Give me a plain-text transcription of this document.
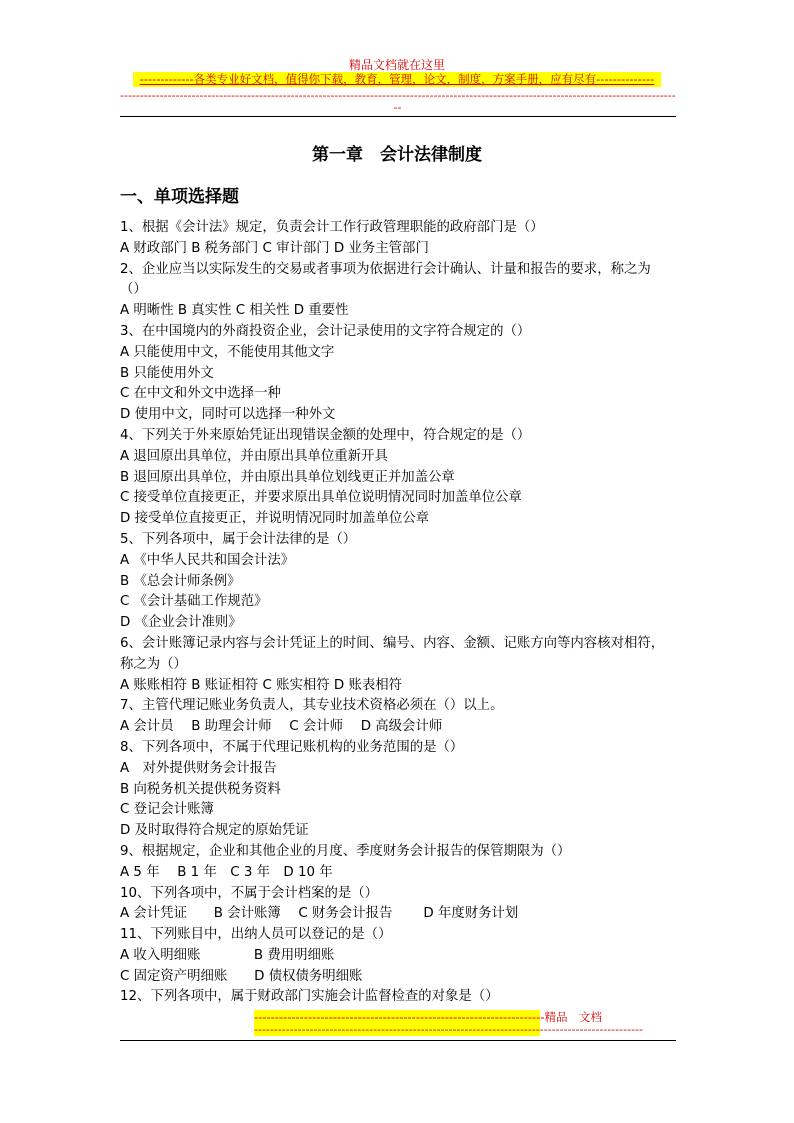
精品文档就在这里
-------------各类专业好文档，值得你下载，教育，管理，论文，制度，方案手册，应有尽有--------------
--------------------------------------------------------------------------------------------------------------------------------------------
--
第一章　会计法律制度
一、单项选择题
1、根据《会计法》规定，负责会计工作行政管理职能的政府部门是（）
A 财政部门 B 税务部门 C 审计部门 D 业务主管部门
2、企业应当以实际发生的交易或者事项为依据进行会计确认、计量和报告的要求，称之为
（）
A 明晰性 B 真实性 C 相关性 D 重要性
3、在中国境内的外商投资企业，会计记录使用的文字符合规定的（）
A 只能使用中文，不能使用其他文字
B 只能使用外文
C 在中文和外文中选择一种
D 使用中文，同时可以选择一种外文
4、下列关于外来原始凭证出现错误金额的处理中，符合规定的是（）
A 退回原出具单位，并由原出具单位重新开具
B 退回原出具单位，并由原出具单位划线更正并加盖公章
C 接受单位直接更正，并要求原出具单位说明情况同时加盖单位公章
D 接受单位直接更正，并说明情况同时加盖单位公章
5、下列各项中，属于会计法律的是（）
A 《中华人民共和国会计法》
B 《总会计师条例》
C 《会计基础工作规范》
D 《企业会计准则》
6、会计账簿记录内容与会计凭证上的时间、编号、内容、金额、记账方向等内容核对相符，
称之为（）
A 账账相符 B 账证相符 C 账实相符 D 账表相符
7、主管代理记账业务负责人，其专业技术资格必须在（）以上。
A 会计员　 B 助理会计师　 C 会计师　 D 高级会计师
8、下列各项中，不属于代理记账机构的业务范围的是（）
A　对外提供财务会计报告
B 向税务机关提供税务资料
C 登记会计账簿
D 及时取得符合规定的原始凭证
9、根据规定，企业和其他企业的月度、季度财务会计报告的保管期限为（）
A 5 年　 B 1 年　C 3 年　D 10 年
10、下列各项中，不属于会计档案的是（）
A 会计凭证　　B 会计账簿　 C 财务会计报告　　 D 年度财务计划
11、下列账目中，出纳人员可以登记的是（）
A 收入明细账　　　　B 费用明细账
C 固定资产明细账　　D 债权债务明细账
12、下列各项中，属于财政部门实施会计监督检查的对象是（）
----------------------------------------------------------------------精品　文档
--------------------------------------------------------------------------------------------------
